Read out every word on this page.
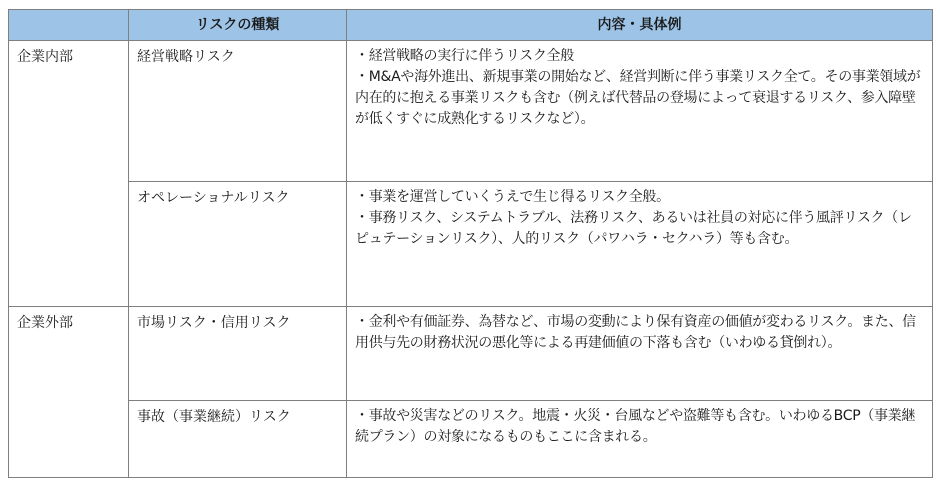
	リスクの種類	内容・具体例
企業内部	経営戦略リスク	・経営戦略の実行に伴うリスク全般

・M&Aや海外進出、新規事業の開始など、経営判断に伴う事業リスク全て。その事業領域が内在的に抱える事業リスクも含む（例えば代替品の登場によって衰退するリスク、参入障壁が低くすぐに成熟化するリスクなど）。

	オペレーショナルリスク	・事業を運営していくうえで生じ得るリスク全般。

・事務リスク、システムトラブル、法務リスク、あるいは社員の対応に伴う風評リスク（レピュテーションリスク）、人的リスク（パワハラ・セクハラ）等も含む。

企業外部	市場リスク・信用リスク	・金利や有価証券、為替など、市場の変動により保有資産の価値が変わるリスク。また、信用供与先の財務状況の悪化等による再建価値の下落も含む（いわゆる貸倒れ）。

	事故（事業継続）リスク	・事故や災害などのリスク。地震・火災・台風などや盗難等も含む。いわゆるBCP（事業継続プラン）の対象になるものもここに含まれる。
